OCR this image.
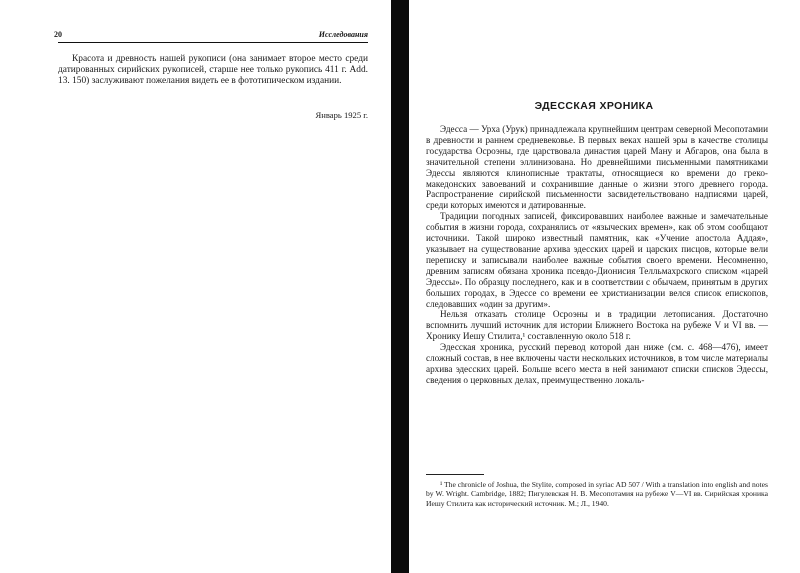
20	Исследования
Красота и древность нашей рукописи (она занимает второе место среди датированных сирийских рукописей, старше нее только рукопись 411 г. Add. 13. 150) заслуживают пожелания видеть ее в фототипическом издании.
Январь 1925 г.
ЭДЕССКАЯ ХРОНИКА

Эдесса — Урха (Урук) принадлежала крупнейшим центрам северной Месопотамии в древности и раннем средневековье. В первых веках нашей эры в качестве столицы государства Осроэны, где царствовала династия царей Ману и Абгаров, она была в значительной степени эллинизована. Но древнейшими письменными памятниками Эдессы являются клинописные трактаты, относящиеся ко времени до греко-македонских завоеваний и сохранившие данные о жизни этого древнего города. Распространение сирийской письменности засвидетельствовано надписями царей, среди которых имеются и датированные.

Традиции погодных записей, фиксировавших наиболее важные и замечательные события в жизни города, сохранялись от «языческих времен», как об этом сообщают источники. Такой широко известный памятник, как «Учение апостола Аддая», указывает на существование архива эдесских царей и царских писцов, которые вели переписку и записывали наиболее важные события своего времени. Несомненно, древним записям обязана хроника псевдо-Дионисия Телльмахрского списком «царей Эдессы». По образцу последнего, как и в соответствии с обычаем, принятым в других больших городах, в Эдессе со времени ее христианизации велся список епископов, следовавших «один за другим».

Нельзя отказать столице Осроэны и в традиции летописания. Достаточно вспомнить лучший источник для истории Ближнего Востока на рубеже V и VI вв. — Хронику Иешу Стилита,¹ составленную около 518 г.

Эдесская хроника, русский перевод которой дан ниже (см. с. 468—476), имеет сложный состав, в нее включены части нескольких источников, в том числе материалы архива эдесских царей. Больше всего места в ней занимают списки списков Эдессы, сведения о церковных делах, преимущественно локаль-

¹ The chronicle of Joshua, the Stylite, composed in syriac AD 507 / With a translation into english and notes by W. Wright. Cambridge, 1882; Пигулевская Н. В. Месопотамия на рубеже V—VI вв. Сирийская хроника Иешу Стилита как исторический источник. М.; Л., 1940.
